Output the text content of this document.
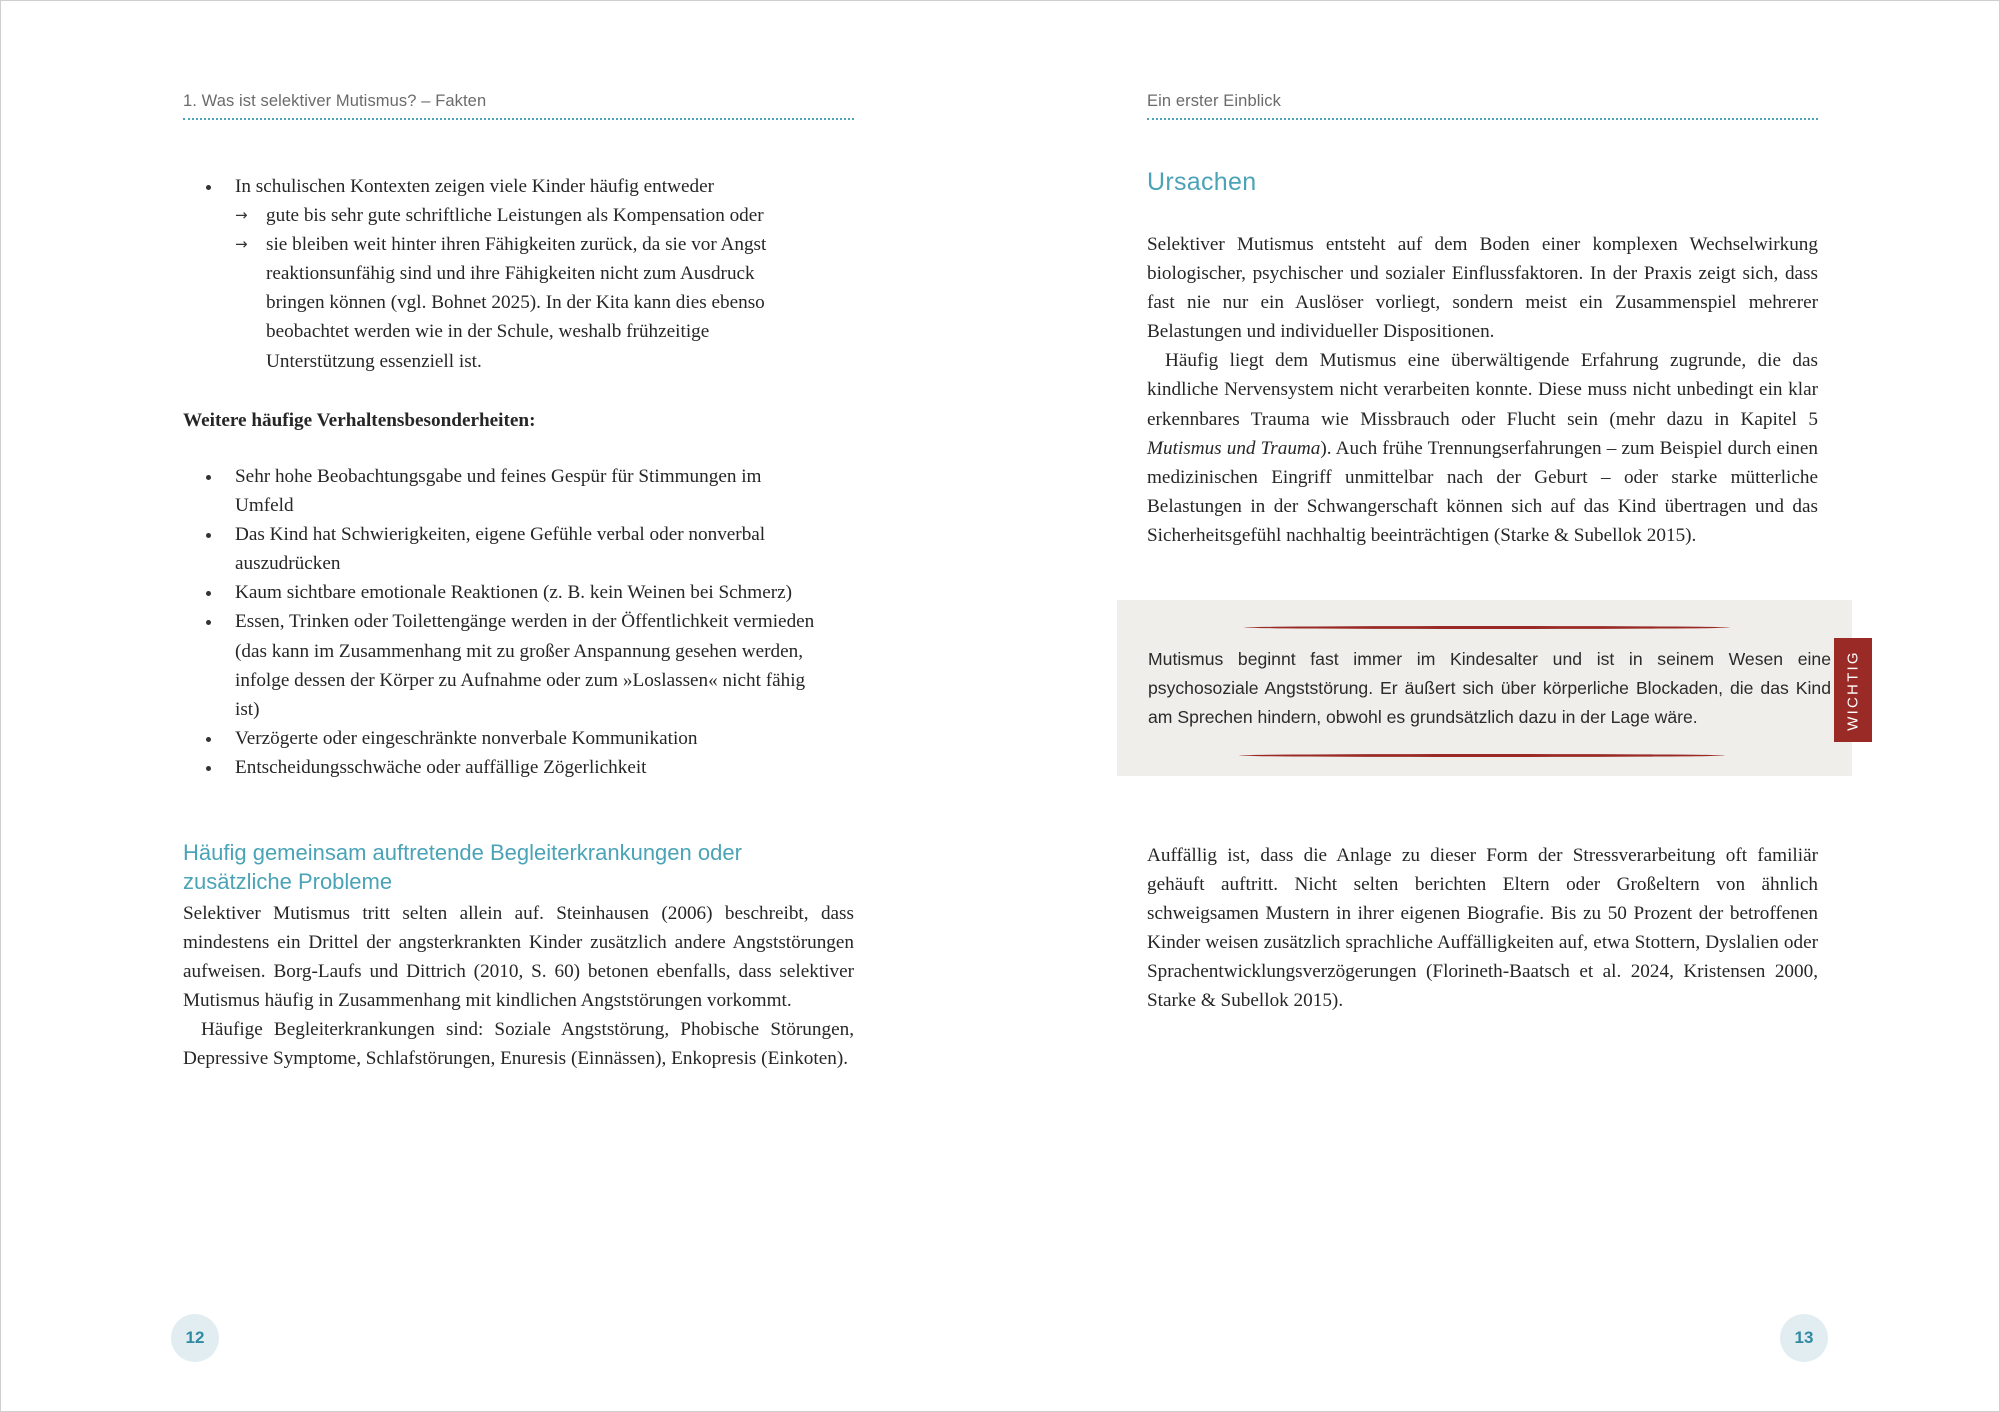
1. Was ist selektiver Mutismus? – Fakten
In schulischen Kontexten zeigen viele Kinder häufig entweder
→ gute bis sehr gute schriftliche Leistungen als Kompensation oder
→ sie bleiben weit hinter ihren Fähigkeiten zurück, da sie vor Angst reaktionsunfähig sind und ihre Fähigkeiten nicht zum Ausdruck bringen können (vgl. Bohnet 2025). In der Kita kann dies ebenso beobachtet werden wie in der Schule, weshalb frühzeitige Unterstützung essenziell ist.
Weitere häufige Verhaltensbesonderheiten:
Sehr hohe Beobachtungsgabe und feines Gespür für Stimmungen im Umfeld
Das Kind hat Schwierigkeiten, eigene Gefühle verbal oder nonverbal auszudrücken
Kaum sichtbare emotionale Reaktionen (z. B. kein Weinen bei Schmerz)
Essen, Trinken oder Toilettengänge werden in der Öffentlichkeit vermieden (das kann im Zusammenhang mit zu großer Anspannung gesehen werden, infolge dessen der Körper zu Aufnahme oder zum »Loslassen« nicht fähig ist)
Verzögerte oder eingeschränkte nonverbale Kommunikation
Entscheidungsschwäche oder auffällige Zögerlichkeit
Häufig gemeinsam auftretende Begleiterkrankungen oder zusätzliche Probleme

Selektiver Mutismus tritt selten allein auf. Steinhausen (2006) beschreibt, dass mindestens ein Drittel der angsterkrankten Kinder zusätzlich andere Angststörungen aufweisen. Borg-Laufs und Dittrich (2010, S. 60) betonen ebenfalls, dass selektiver Mutismus häufig in Zusammenhang mit kindlichen Angststörungen vorkommt.

Häufige Begleiterkrankungen sind: Soziale Angststörung, Phobische Störungen, Depressive Symptome, Schlafstörungen, Enuresis (Einnässen), Enkopresis (Einkoten).

12
Ein erster Einblick
Ursachen

Selektiver Mutismus entsteht auf dem Boden einer komplexen Wechselwirkung biologischer, psychischer und sozialer Einflussfaktoren. In der Praxis zeigt sich, dass fast nie nur ein Auslöser vorliegt, sondern meist ein Zusammenspiel mehrerer Belastungen und individueller Dispositionen.

Häufig liegt dem Mutismus eine überwältigende Erfahrung zugrunde, die das kindliche Nervensystem nicht verarbeiten konnte. Diese muss nicht unbedingt ein klar erkennbares Trauma wie Missbrauch oder Flucht sein (mehr dazu in Kapitel 5 Mutismus und Trauma). Auch frühe Trennungserfahrungen – zum Beispiel durch einen medizinischen Eingriff unmittelbar nach der Geburt – oder starke mütterliche Belastungen in der Schwangerschaft können sich auf das Kind übertragen und das Sicherheitsgefühl nachhaltig beeinträchtigen (Starke & Subellok 2015).

Mutismus beginnt fast immer im Kindesalter und ist in seinem Wesen eine psychosoziale Angststörung. Er äußert sich über körperliche Blockaden, die das Kind am Sprechen hindern, obwohl es grundsätzlich dazu in der Lage wäre.	WICHTIG

Auffällig ist, dass die Anlage zu dieser Form der Stressverarbeitung oft familiär gehäuft auftritt. Nicht selten berichten Eltern oder Großeltern von ähnlich schweigsamen Mustern in ihrer eigenen Biografie. Bis zu 50 Prozent der betroffenen Kinder weisen zusätzlich sprachliche Auffälligkeiten auf, etwa Stottern, Dyslalien oder Sprachentwicklungsverzögerungen (Florineth-Baatsch et al. 2024, Kristensen 2000, Starke & Subellok 2015).

13
